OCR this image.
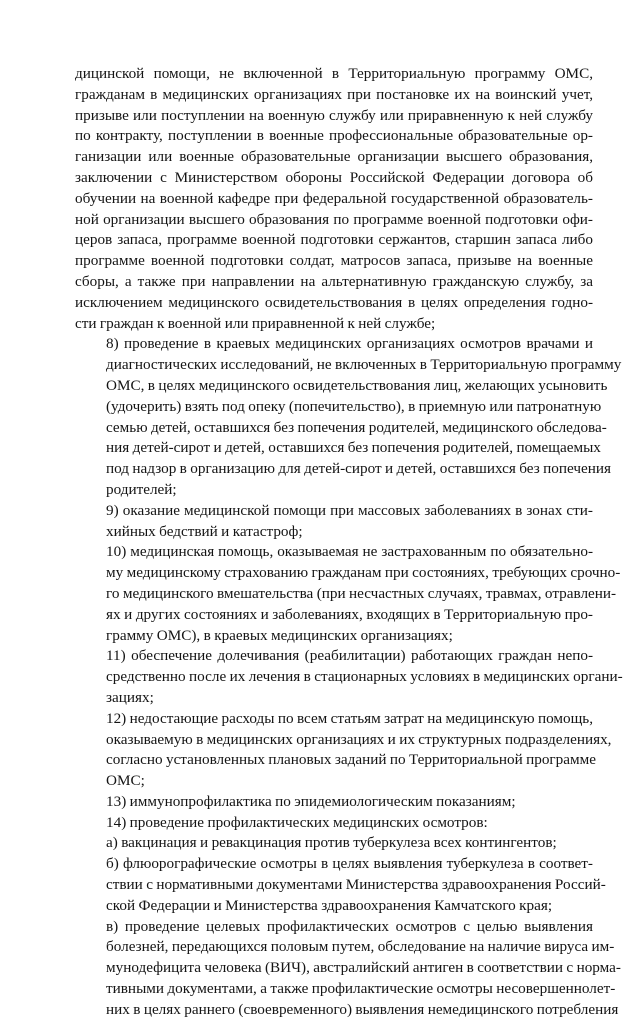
дицинской помощи, не включенной в Территориальную программу ОМС,
гражданам в медицинских организациях при постановке их на воинский учет,
призыве или поступлении на военную службу или приравненную к ней службу
по контракту, поступлении в военные профессиональные образовательные ор-
ганизации или военные образовательные организации высшего образования,
заключении с Министерством обороны Российской Федерации договора об
обучении на военной кафедре при федеральной государственной образователь-
ной организации высшего образования по программе военной подготовки офи-
церов запаса, программе военной подготовки сержантов, старшин запаса либо
программе военной подготовки солдат, матросов запаса, призыве на военные
сборы, а также при направлении на альтернативную гражданскую службу, за
исключением медицинского освидетельствования в целях определения годно-
сти граждан к военной или приравненной к ней службе;

8) проведение в краевых медицинских организациях осмотров врачами и
диагностических исследований, не включенных в Территориальную программу
ОМС, в целях медицинского освидетельствования лиц, желающих усыновить
(удочерить) взять под опеку (попечительство), в приемную или патронатную
семью детей, оставшихся без попечения родителей, медицинского обследова-
ния детей-сирот и детей, оставшихся без попечения родителей, помещаемых
под надзор в организацию для детей-сирот и детей, оставшихся без попечения
родителей;

9) оказание медицинской помощи при массовых заболеваниях в зонах сти-
хийных бедствий и катастроф;

10) медицинская помощь, оказываемая не застрахованным по обязательно-
му медицинскому страхованию гражданам при состояниях, требующих срочно-
го медицинского вмешательства (при несчастных случаях, травмах, отравлени-
ях и других состояниях и заболеваниях, входящих в Территориальную про-
грамму ОМС), в краевых медицинских организациях;

11) обеспечение долечивания (реабилитации) работающих граждан непо-
средственно после их лечения в стационарных условиях в медицинских органи-
зациях;

12) недостающие расходы по всем статьям затрат на медицинскую помощь,
оказываемую в медицинских организациях и их структурных подразделениях,
согласно установленных плановых заданий по Территориальной программе
ОМС;

13) иммунопрофилактика по эпидемиологическим показаниям;

14) проведение профилактических медицинских осмотров:

а) вакцинация и ревакцинация против туберкулеза всех контингентов;

б) флюорографические осмотры в целях выявления туберкулеза в соответ-
ствии с нормативными документами Министерства здравоохранения Россий-
ской Федерации и Министерства здравоохранения Камчатского края;

в) проведение целевых профилактических осмотров с целью выявления
болезней, передающихся половым путем, обследование на наличие вируса им-
мунодефицита человека (ВИЧ), австралийский антиген в соответствии с норма-
тивными документами, а также профилактические осмотры несовершеннолет-
них в целях раннего (своевременного) выявления немедицинского потребления
